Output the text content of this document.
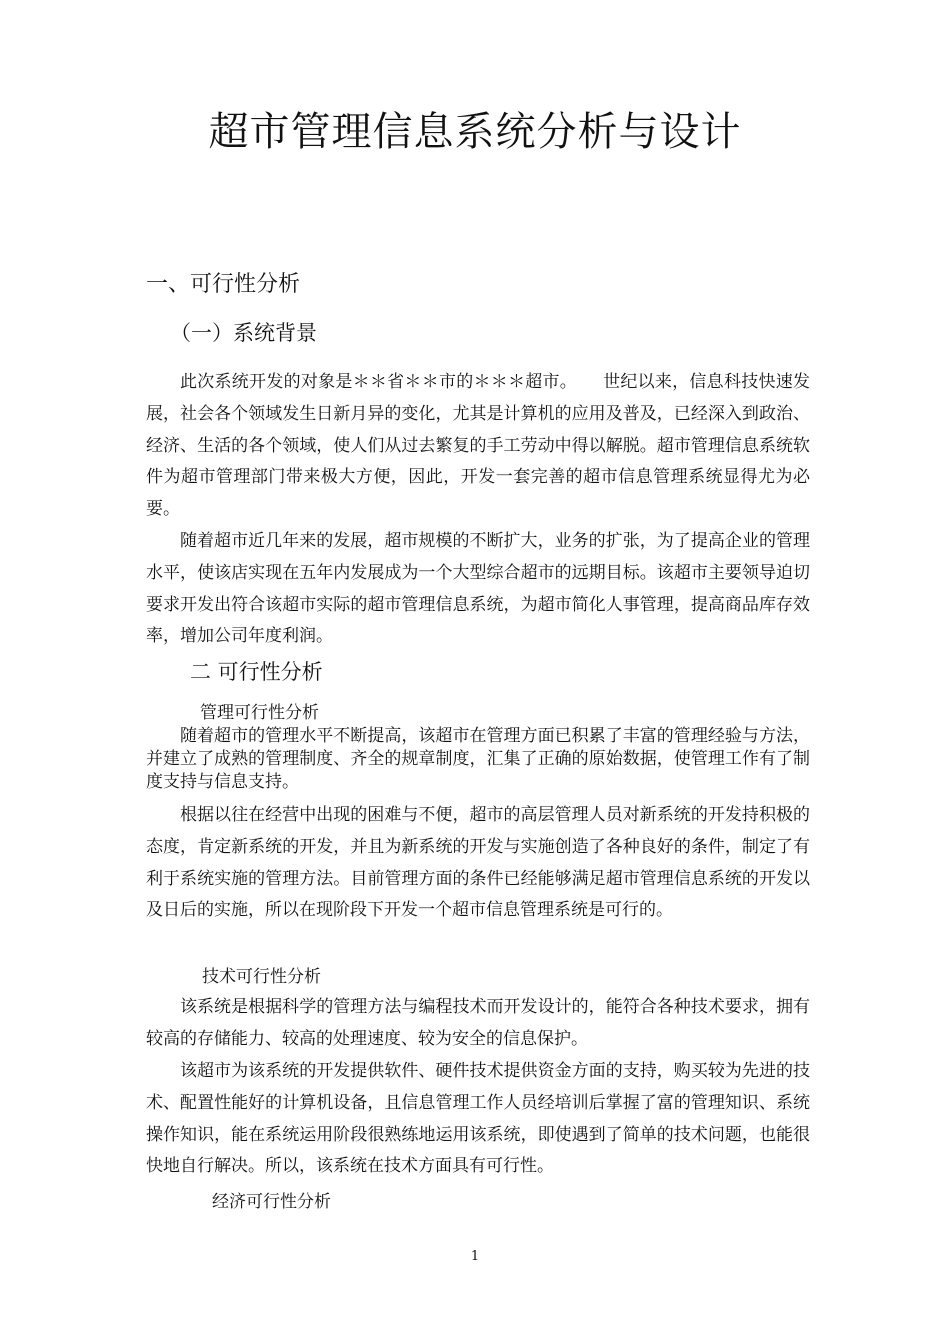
超市管理信息系统分析与设计
一、可行性分析
（一）系统背景

此次系统开发的对象是＊＊省＊＊市的＊＊＊超市。　　世纪以来，信息科技快速发展，社会各个领域发生日新月异的变化，尤其是计算机的应用及普及，已经深入到政治、经济、生活的各个领域，使人们从过去繁复的手工劳动中得以解脱。超市管理信息系统软件为超市管理部门带来极大方便，因此，开发一套完善的超市信息管理系统显得尤为必要。

随着超市近几年来的发展，超市规模的不断扩大，业务的扩张，为了提高企业的管理水平，使该店实现在五年内发展成为一个大型综合超市的远期目标。该超市主要领导迫切要求开发出符合该超市实际的超市管理信息系统，为超市简化人事管理，提高商品库存效率，增加公司年度利润。

二 可行性分析
管理可行性分析

随着超市的管理水平不断提高，该超市在管理方面已积累了丰富的管理经验与方法，并建立了成熟的管理制度、齐全的规章制度，汇集了正确的原始数据，使管理工作有了制度支持与信息支持。

根据以往在经营中出现的困难与不便，超市的高层管理人员对新系统的开发持积极的态度，肯定新系统的开发，并且为新系统的开发与实施创造了各种良好的条件，制定了有利于系统实施的管理方法。目前管理方面的条件已经能够满足超市管理信息系统的开发以及日后的实施，所以在现阶段下开发一个超市信息管理系统是可行的。

技术可行性分析

该系统是根据科学的管理方法与编程技术而开发设计的，能符合各种技术要求，拥有较高的存储能力、较高的处理速度、较为安全的信息保护。

该超市为该系统的开发提供软件、硬件技术提供资金方面的支持，购买较为先进的技术、配置性能好的计算机设备，且信息管理工作人员经培训后掌握了富的管理知识、系统操作知识，能在系统运用阶段很熟练地运用该系统，即使遇到了简单的技术问题，也能很快地自行解决。所以，该系统在技术方面具有可行性。

经济可行性分析
1
